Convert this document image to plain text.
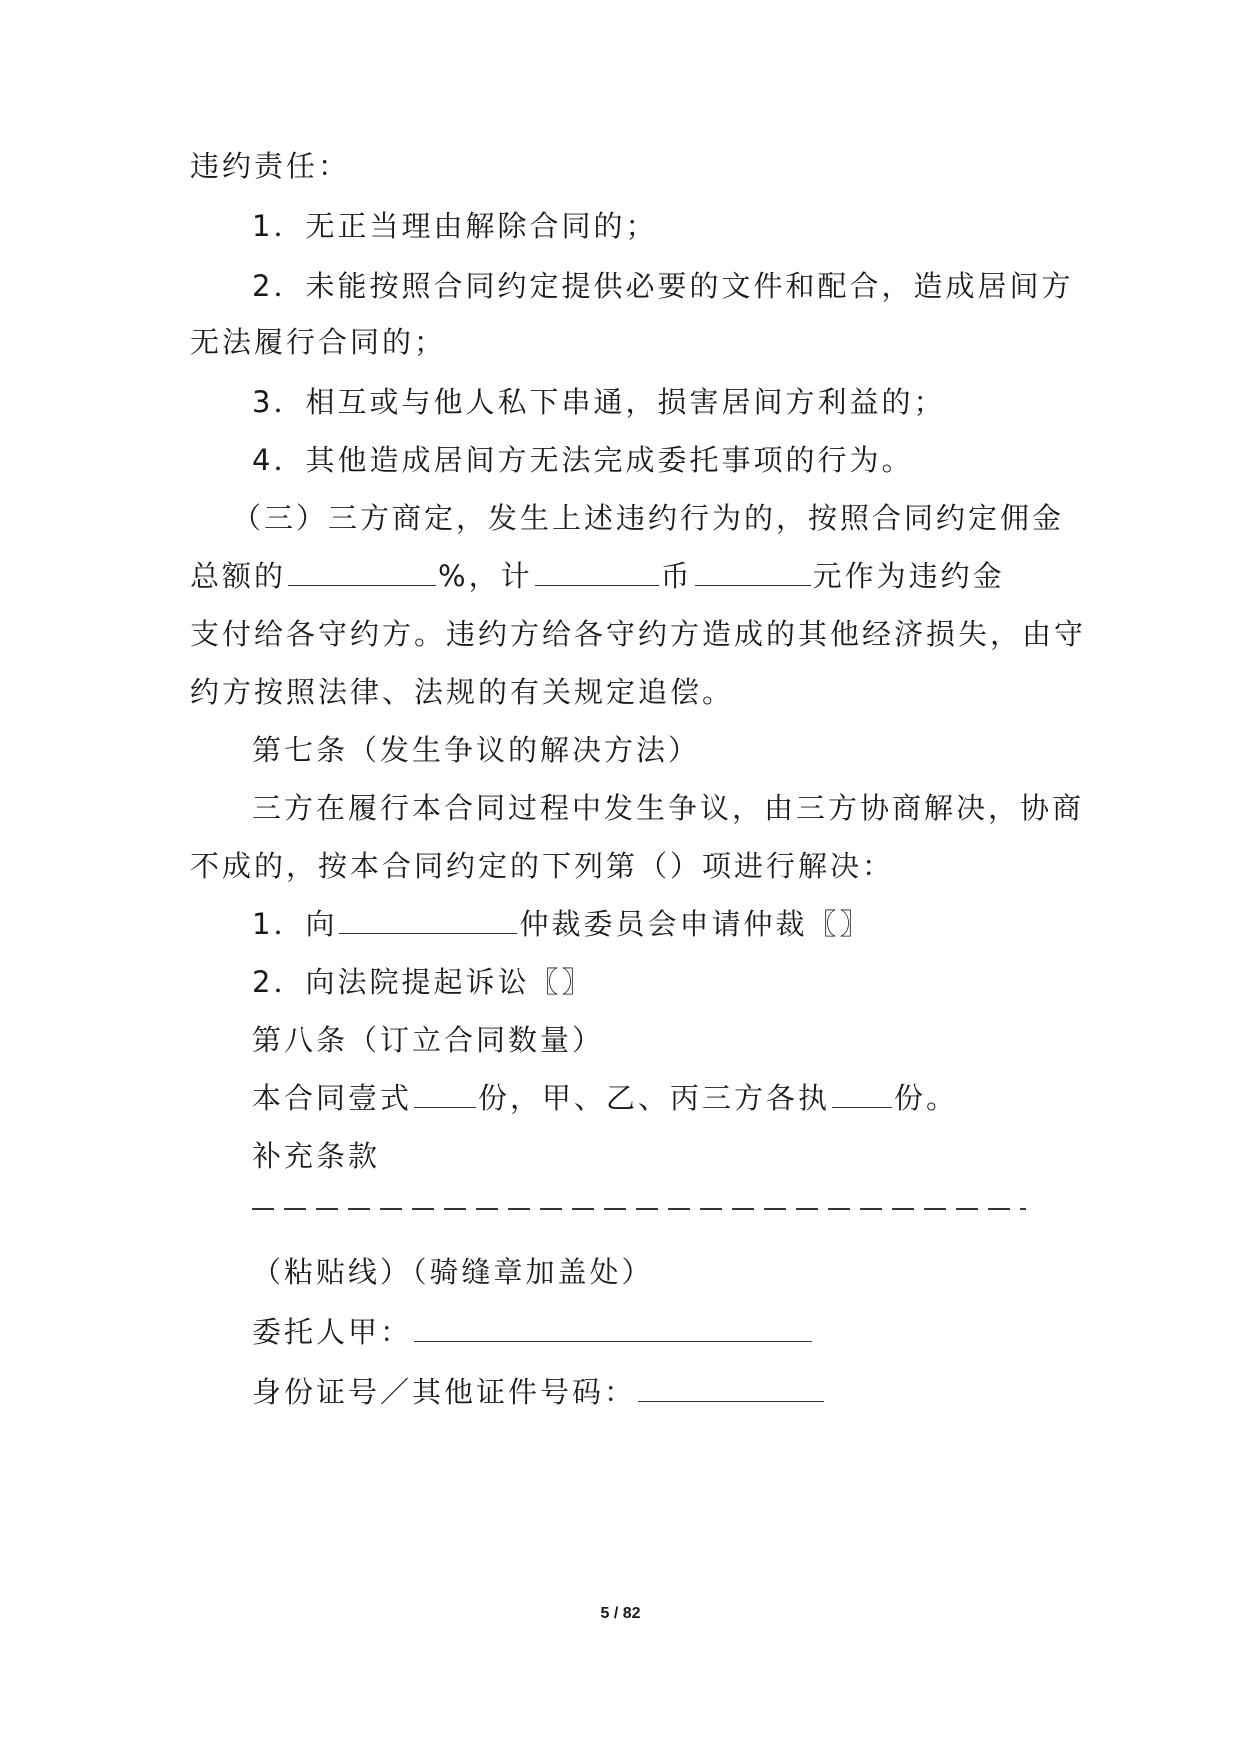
违约责任：
1．无正当理由解除合同的；
2．未能按照合同约定提供必要的文件和配合，造成居间方
无法履行合同的；
3．相互或与他人私下串通，损害居间方利益的；
4．其他造成居间方无法完成委托事项的行为。
（三）三方商定，发生上述违约行为的，按照合同约定佣金
总额的	%，计	币	元作为违约金
支付给各守约方。违约方给各守约方造成的其他经济损失，由守
约方按照法律、法规的有关规定追偿。
第七条（发生争议的解决方法）
三方在履行本合同过程中发生争议，由三方协商解决，协商
不成的，按本合同约定的下列第（）项进行解决：
1．向	仲裁委员会申请仲裁〖〗
2．向法院提起诉讼〖〗
第八条（订立合同数量）
本合同壹式 份，甲、乙、丙三方各执 份。
补充条款
（粘贴线）（骑缝章加盖处）
委托人甲：
身份证号／其他证件号码：
5 / 82
